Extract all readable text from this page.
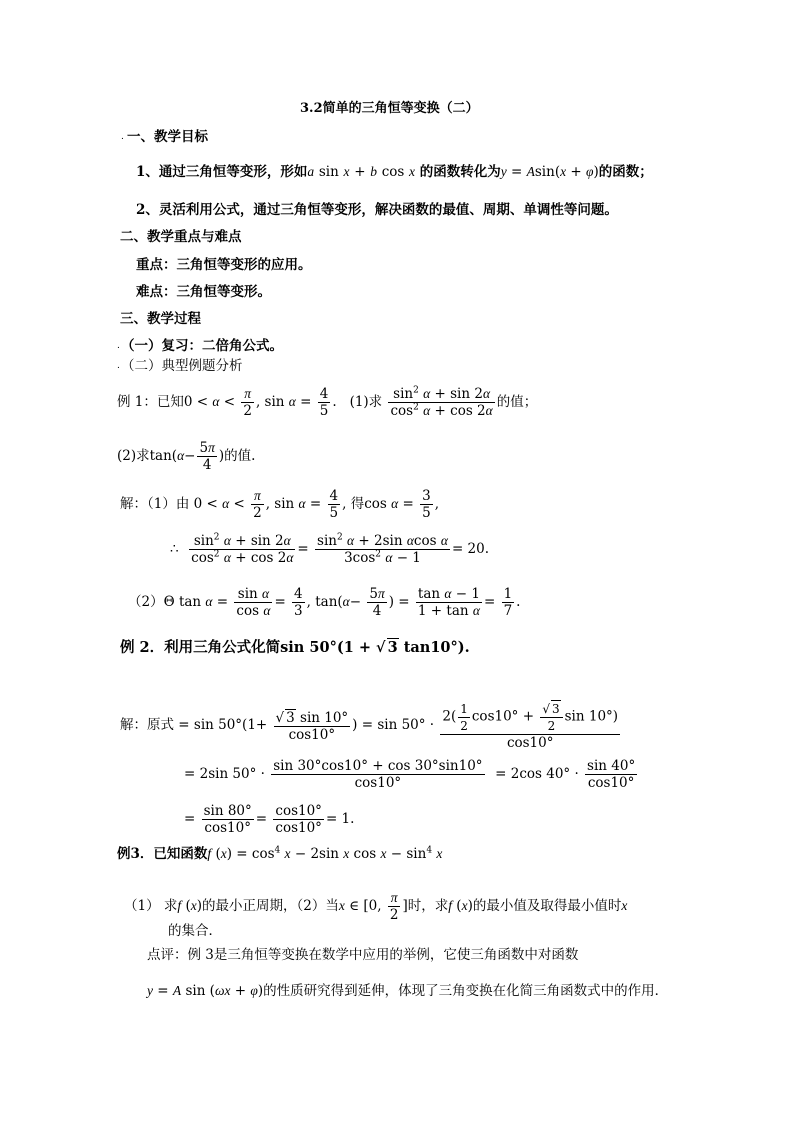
3.2简单的三角恒等变换（二）
. 一、教学目标
1、通过三角恒等变形，形如a sin x + b cos x 的函数转化为y = Asin(x + φ)的函数；
2、灵活利用公式，通过三角恒等变形，解决函数的最值、周期、单调性等问题。
二、教学重点与难点
重点：三角恒等变形的应用。
难点：三角恒等变形。
三、教学过程
. （一）复习：二倍角公式。
. （二）典型例题分析
例 1：已知$0 < \alpha < \frac{\pi}{2}$ , $\sin \alpha = \frac{4}{5}$ .   (1)求 $\frac{\sin^2 \alpha + \sin 2\alpha}{\cos^2 \alpha + \cos 2\alpha}$ 的值；
(2)求$\tan(\alpha- \frac{5\pi}{4}$ )的值.
解：（1）由 $0 < \alpha < \frac{\pi}{2}$ , $\sin \alpha = \frac{4}{5}$ , 得$\cos \alpha = \frac{3}{5}$ ,
∴ $\frac{\sin^2 \alpha + \sin 2\alpha}{\cos^2 \alpha + \cos 2\alpha} = \frac{\sin^2 \alpha + 2\sin \alpha\cos \alpha}{3\cos^2 \alpha - 1} = 20$.
（2）Θ $\tan \alpha = \frac{\text{sin α}}{\text{cos α}} = \frac{4}{3}$ , $\tan(\alpha- \frac{5\pi}{4}$ ) = $\frac{\text{tan α − 1}}{\text{1 + tan α}} = \frac{1}{7}$ .
例 2．利用三角公式化简sin 50°(1 + √ 3 tan10°).
解：原式 = $\sin 50^\circ(1+ \frac{√ 3 \sin 10^\circ}{\cos 10^\circ}$ ) = $\sin 50^\circ \cdot \frac{2( \frac{1}{2} \cos 10^\circ + \frac{√ 3}{2} \sin 10^\circ)}{\cos 10^\circ}$
= 2sin $50^\circ \cdot \frac{\sin 30^\circ\cos 10^\circ + \cos 30^\circ\sin 10^\circ}{\cos 10^\circ} = 2\cos$ $40^\circ \cdot \frac{\sin 40^\circ}{\cos 10^\circ}$
= $\frac{\sin 80^\circ}{\cos 10^\circ} = \frac{\cos 10^\circ}{\cos 10^\circ} = 1$.
例3．已知函数f $(x) = \cos^4 x - 2\sin$ x $\cos x - \sin^4 x$
（1） 求f (x)的最小正周期，（2）当x ∈ [0, $\frac{\pi}{2}$ ]时，求f (x)的最小值及取得最小值时x
的集合．
点评：例 3是三角恒等变换在数学中应用的举例，它使三角函数中对函数
y = A sin (ωx + φ)的性质研究得到延伸，体现了三角变换在化简三角函数式中的作用．
